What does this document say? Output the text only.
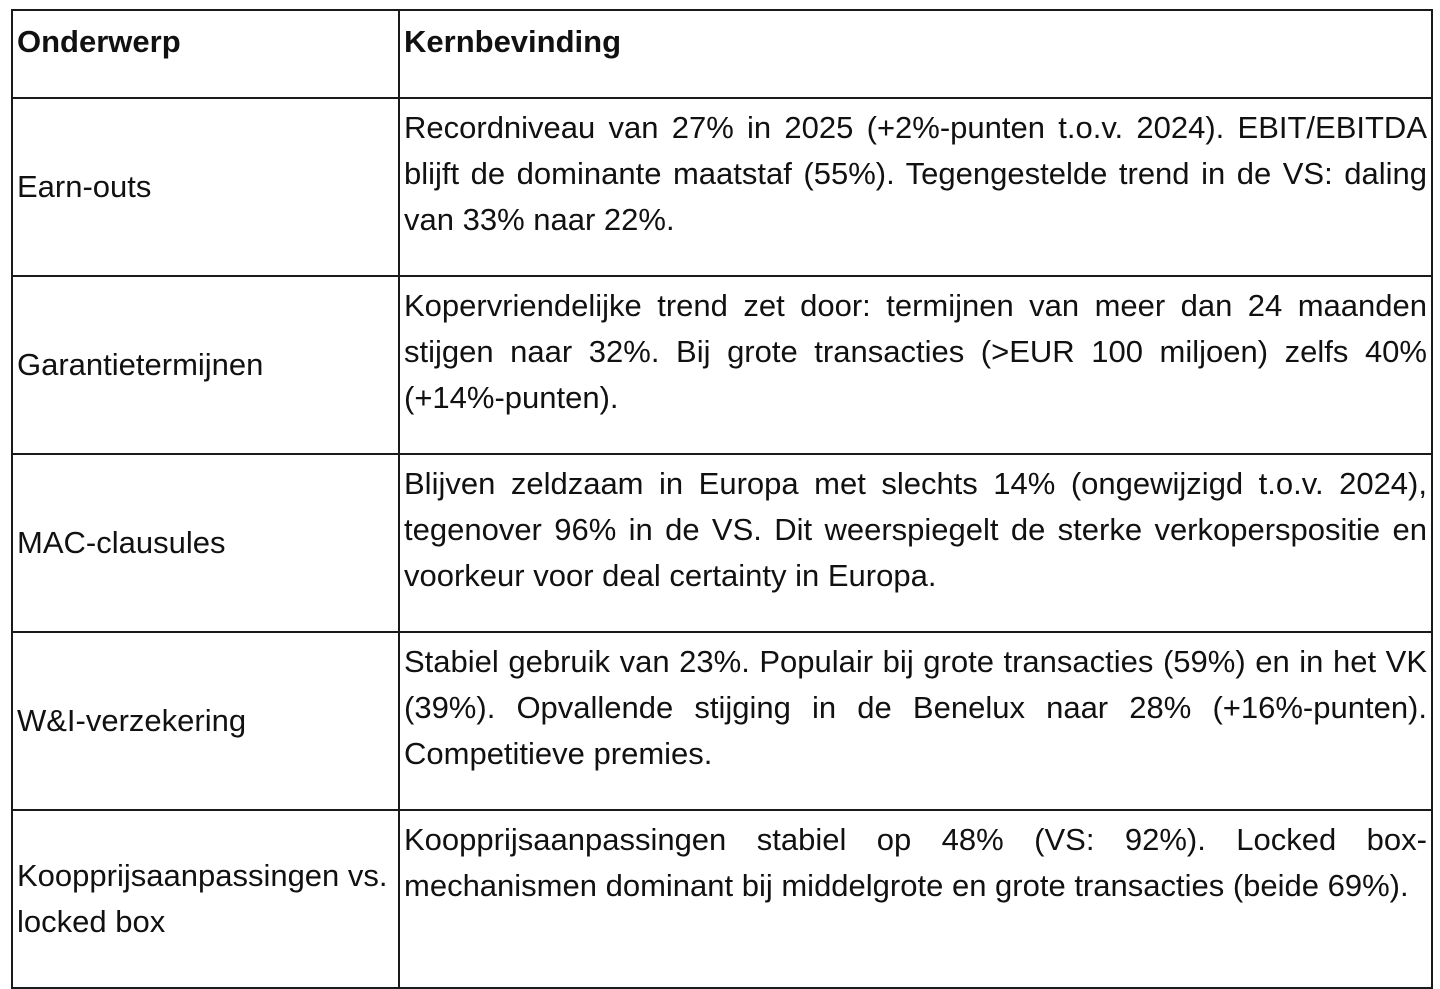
Onderwerp	Kernbevinding

Earn-outs	Recordniveau van 27% in 2025 (+2%-punten t.o.v. 2024). EBIT/EBITDA blijft de dominante maatstaf (55%). Tegengestelde trend in de VS: daling van 33% naar 22%.

Garantietermijnen	Kopervriendelijke trend zet door: termijnen van meer dan 24 maanden stijgen naar 32%. Bij grote transacties (>EUR 100 miljoen) zelfs 40% (+14%-punten).

MAC-clausules	Blijven zeldzaam in Europa met slechts 14% (ongewijzigd t.o.v. 2024), tegenover 96% in de VS. Dit weerspiegelt de sterke verkoperspositie en voorkeur voor deal certainty in Europa.

W&I-verzekering	Stabiel gebruik van 23%. Populair bij grote transacties (59%) en in het VK (39%). Opvallende stijging in de Benelux naar 28% (+16%-punten). Competitieve premies.

Koopprijsaanpassingen vs. locked box	Koopprijsaanpassingen stabiel op 48% (VS: 92%). Locked box-mechanismen dominant bij middelgrote en grote transacties (beide 69%).
